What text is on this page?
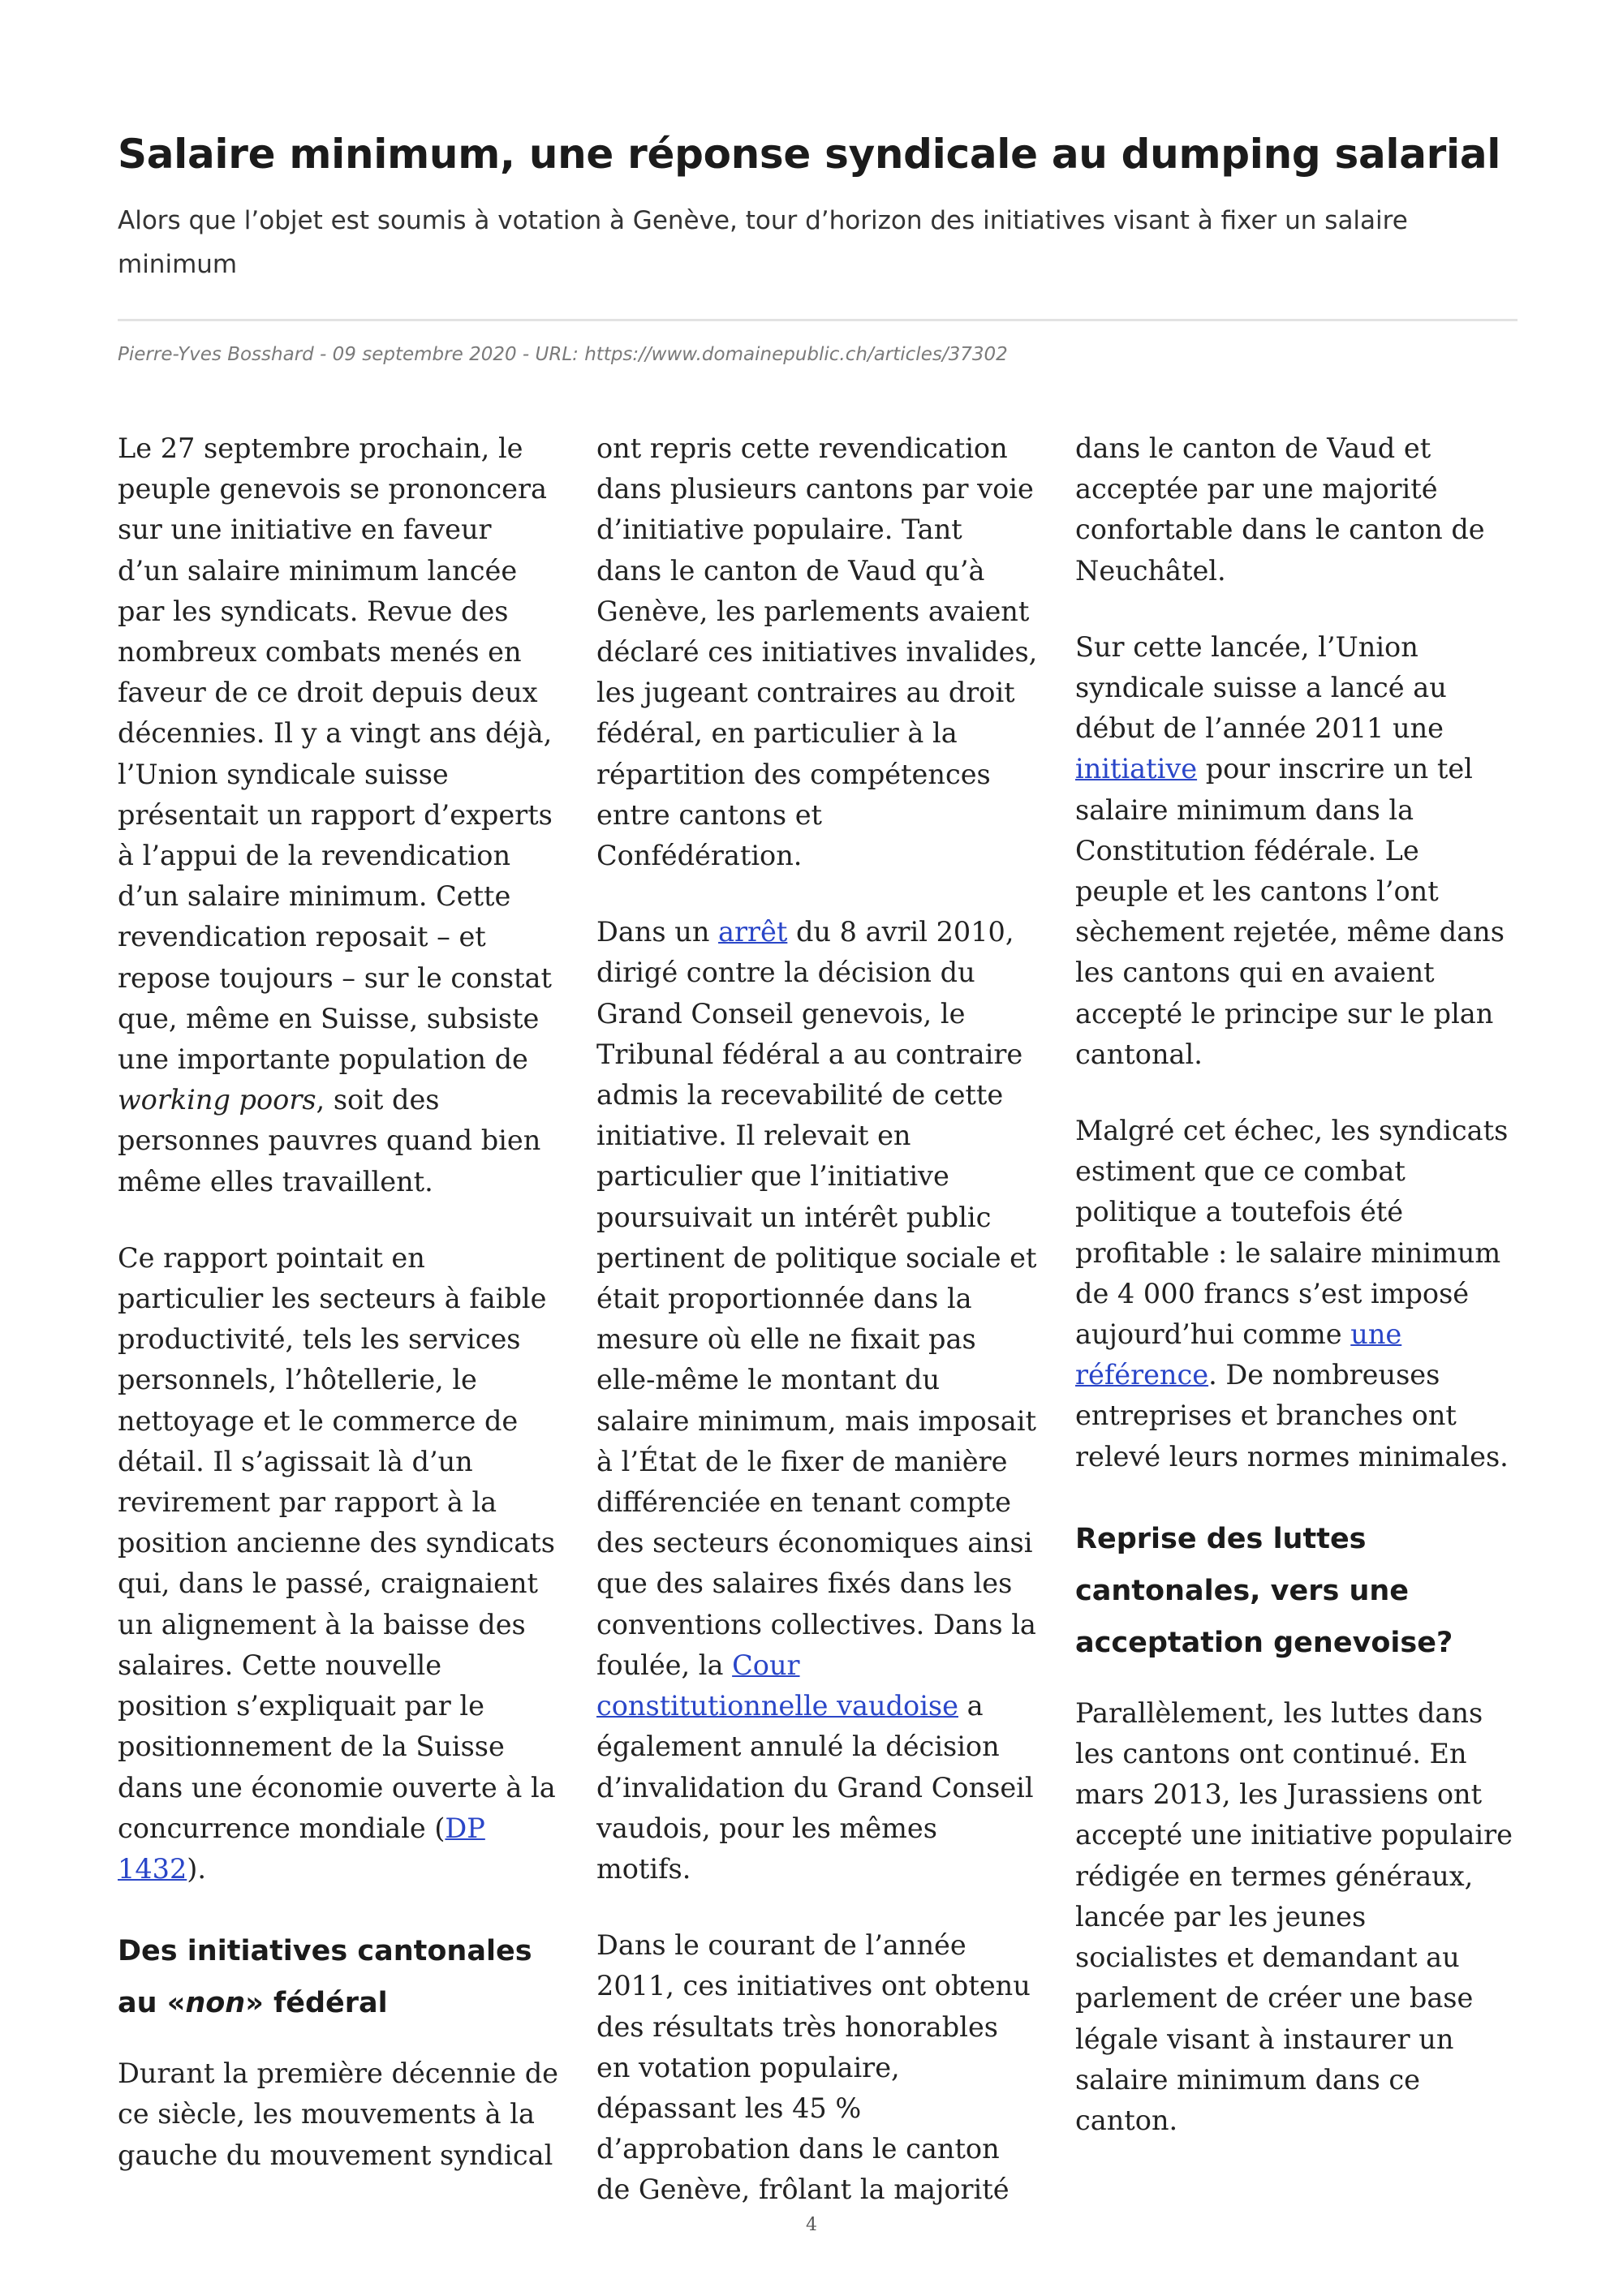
Salaire minimum, une réponse syndicale au dumping salarial

Alors que l’objet est soumis à votation à Genève, tour d’horizon des initiatives visant à fixer un salaire minimum

Pierre-Yves Bosshard - 09 septembre 2020 - URL: https://www.domainepublic.ch/articles/37302

Le 27 septembre prochain, le
peuple genevois se prononcera
sur une initiative en faveur
d’un salaire minimum lancée
par les syndicats. Revue des
nombreux combats menés en
faveur de ce droit depuis deux
décennies. Il y a vingt ans déjà,
l’Union syndicale suisse
présentait un rapport d’experts
à l’appui de la revendication
d’un salaire minimum. Cette
revendication reposait – et
repose toujours – sur le constat
que, même en Suisse, subsiste
une importante population de
working poors, soit des
personnes pauvres quand bien
même elles travaillent.

Ce rapport pointait en
particulier les secteurs à faible
productivité, tels les services
personnels, l’hôtellerie, le
nettoyage et le commerce de
détail. Il s’agissait là d’un
revirement par rapport à la
position ancienne des syndicats
qui, dans le passé, craignaient
un alignement à la baisse des
salaires. Cette nouvelle
position s’expliquait par le
positionnement de la Suisse
dans une économie ouverte à la
concurrence mondiale (DP
1432).

Des initiatives cantonales
au «non» fédéral

Durant la première décennie de
ce siècle, les mouvements à la
gauche du mouvement syndical

ont repris cette revendication
dans plusieurs cantons par voie
d’initiative populaire. Tant
dans le canton de Vaud qu’à
Genève, les parlements avaient
déclaré ces initiatives invalides,
les jugeant contraires au droit
fédéral, en particulier à la
répartition des compétences
entre cantons et
Confédération.

Dans un arrêt du 8 avril 2010,
dirigé contre la décision du
Grand Conseil genevois, le
Tribunal fédéral a au contraire
admis la recevabilité de cette
initiative. Il relevait en
particulier que l’initiative
poursuivait un intérêt public
pertinent de politique sociale et
était proportionnée dans la
mesure où elle ne fixait pas
elle-même le montant du
salaire minimum, mais imposait
à l’État de le fixer de manière
différenciée en tenant compte
des secteurs économiques ainsi
que des salaires fixés dans les
conventions collectives. Dans la
foulée, la Cour
constitutionnelle vaudoise a
également annulé la décision
d’invalidation du Grand Conseil
vaudois, pour les mêmes
motifs.

Dans le courant de l’année
2011, ces initiatives ont obtenu
des résultats très honorables
en votation populaire,
dépassant les 45 %
d’approbation dans le canton
de Genève, frôlant la majorité

dans le canton de Vaud et
acceptée par une majorité
confortable dans le canton de
Neuchâtel.

Sur cette lancée, l’Union
syndicale suisse a lancé au
début de l’année 2011 une
initiative pour inscrire un tel
salaire minimum dans la
Constitution fédérale. Le
peuple et les cantons l’ont
sèchement rejetée, même dans
les cantons qui en avaient
accepté le principe sur le plan
cantonal.

Malgré cet échec, les syndicats
estiment que ce combat
politique a toutefois été
profitable : le salaire minimum
de 4 000 francs s’est imposé
aujourd’hui comme une
référence. De nombreuses
entreprises et branches ont
relevé leurs normes minimales.

Reprise des luttes
cantonales, vers une
acceptation genevoise?

Parallèlement, les luttes dans
les cantons ont continué. En
mars 2013, les Jurassiens ont
accepté une initiative populaire
rédigée en termes généraux,
lancée par les jeunes
socialistes et demandant au
parlement de créer une base
légale visant à instaurer un
salaire minimum dans ce
canton.

4
